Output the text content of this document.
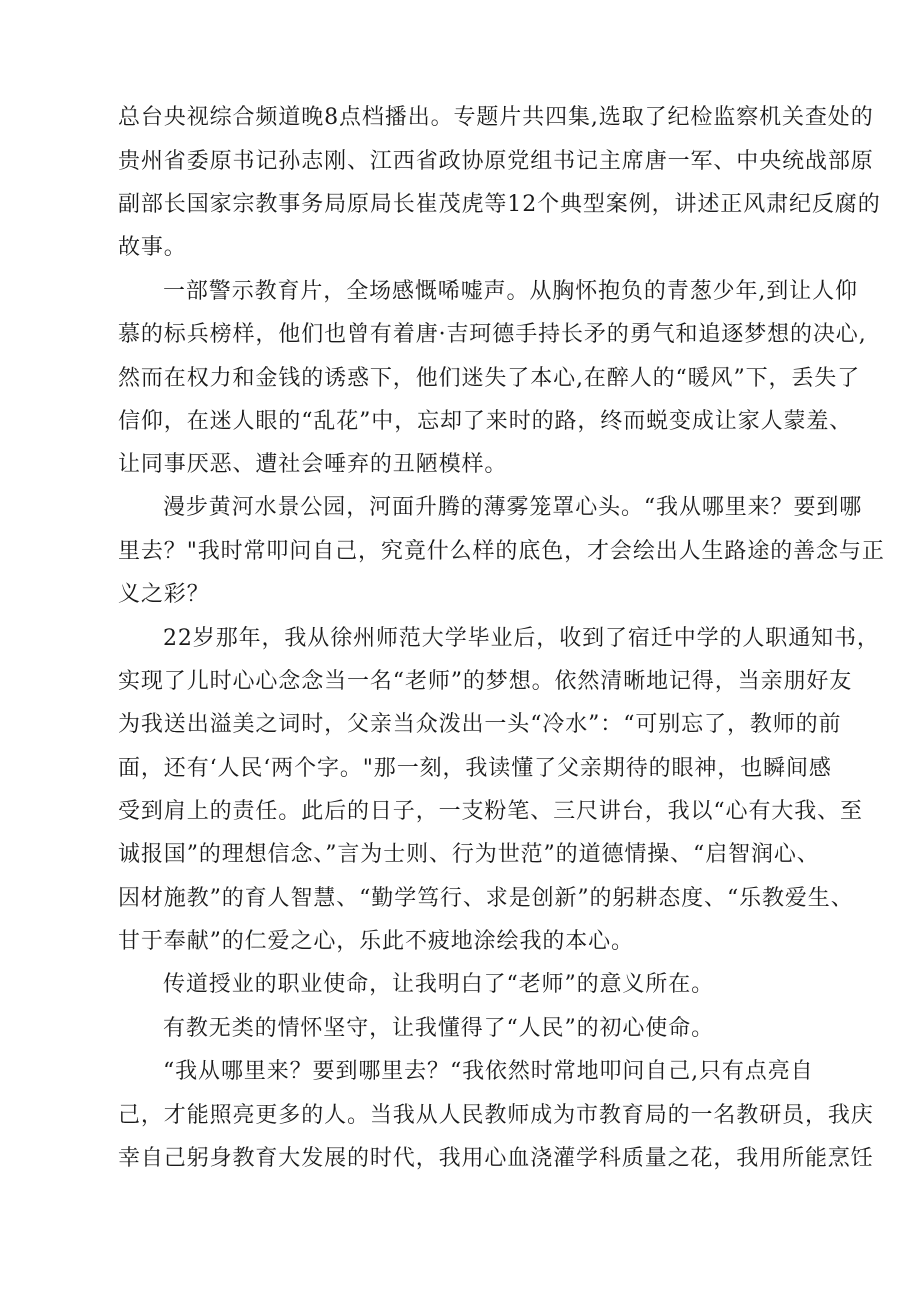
总台央视综合频道晚8点档播出。专题片共四集,选取了纪检监察机关查处的
贵州省委原书记孙志刚、江西省政协原党组书记主席唐一军、中央统战部原
副部长国家宗教事务局原局长崔茂虎等12个典型案例，讲述正风肃纪反腐的
故事。
一部警示教育片，全场感慨唏嘘声。从胸怀抱负的青葱少年,到让人仰
慕的标兵榜样，他们也曾有着唐·吉珂德手持长矛的勇气和追逐梦想的决心,
然而在权力和金钱的诱惑下，他们迷失了本心,在醉人的“暖风”下，丢失了
信仰，在迷人眼的“乱花”中，忘却了来时的路，终而蜕变成让家人蒙羞、
让同事厌恶、遭社会唾弃的丑陋模样。
漫步黄河水景公园，河面升腾的薄雾笼罩心头。“我从哪里来？要到哪
里去？"我时常叩问自己，究竟什么样的底色，才会绘出人生路途的善念与正
义之彩？
22岁那年，我从徐州师范大学毕业后，收到了宿迁中学的人职通知书，
实现了儿时心心念念当一名“老师”的梦想。依然清晰地记得，当亲朋好友
为我送出溢美之词时，父亲当众泼出一头“冷水”：“可别忘了，教师的前
面，还有‘人民‘两个字。"那一刻，我读懂了父亲期待的眼神，也瞬间感
受到肩上的责任。此后的日子，一支粉笔、三尺讲台，我以“心有大我、至
诚报国”的理想信念、”言为士则、行为世范”的道德情操、“启智润心、
因材施教”的育人智慧、“勤学笃行、求是创新”的躬耕态度、“乐教爱生、
甘于奉献”的仁爱之心，乐此不疲地涂绘我的本心。
传道授业的职业使命，让我明白了“老师”的意义所在。
有教无类的情怀坚守，让我懂得了“人民”的初心使命。
“我从哪里来？要到哪里去？“我依然时常地叩问自己,只有点亮自
己，才能照亮更多的人。当我从人民教师成为市教育局的一名教研员，我庆
幸自己躬身教育大发展的时代，我用心血浇灌学科质量之花，我用所能烹饪
